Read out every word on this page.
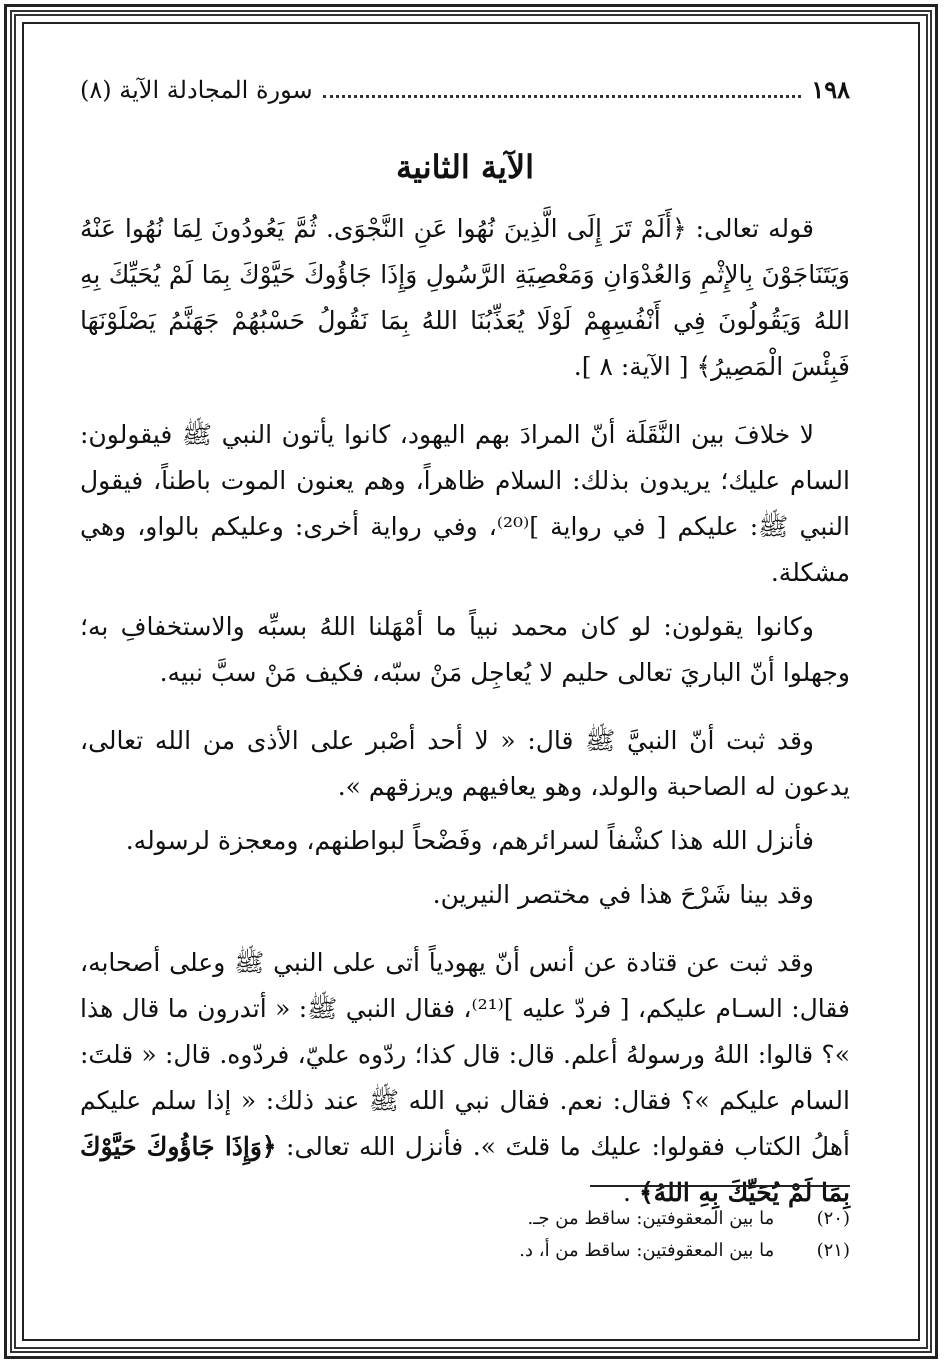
١٩٨
سورة المجادلة الآية (٨)
الآية الثانية

قوله تعالى: ﴿أَلَمْ تَرَ إِلَى الَّذِينَ نُهُوا عَنِ النَّجْوَى. ثُمَّ يَعُودُونَ لِمَا نُهُوا عَنْهُ وَيَتَنَاجَوْنَ بِالإِثْمِ وَالعُدْوَانِ وَمَعْصِيَةِ الرَّسُولِ وَإِذَا جَاؤُوكَ حَيَّوْكَ بِمَا لَمْ يُحَيِّكَ بِهِ اللهُ وَيَقُولُونَ فِي أَنْفُسِهِمْ لَوْلَا يُعَذِّبُنَا اللهُ بِمَا نَقُولُ حَسْبُهُمْ جَهَنَّمُ يَصْلَوْنَهَا فَبِئْسَ الْمَصِيرُ﴾ [ الآية: ٨ ].

لا خلافَ بين النَّقَلَة أنّ المرادَ بهم اليهود، كانوا يأتون النبي ﷺ فيقولون: السام عليك؛ يريدون بذلك: السلام ظاهراً، وهم يعنون الموت باطناً، فيقول النبي ﷺ: عليكم [ في رواية ]⁽²⁰⁾، وفي رواية أخرى: وعليكم بالواو، وهي مشكلة.

وكانوا يقولون: لو كان محمد نبياً ما أمْهَلنا اللهُ بسبِّه والاستخفافِ به؛ وجهلوا أنّ الباريَ تعالى حليم لا يُعاجِل مَنْ سبّه، فكيف مَنْ سبَّ نبيه.

وقد ثبت أنّ النبيَّ ﷺ قال: « لا أحد أصْبر على الأذى من الله تعالى، يدعون له الصاحبة والولد، وهو يعافيهم ويرزقهم ».

فأنزل الله هذا كشْفاً لسرائرهم، وفَضْحاً لبواطنهم، ومعجزة لرسوله.

وقد بينا شَرْحَ هذا في مختصر النيرين.

وقد ثبت عن قتادة عن أنس أنّ يهودياً أتى على النبي ﷺ وعلى أصحابه، فقال: السـام عليكم، [ فردّ عليه ]⁽²¹⁾، فقال النبي ﷺ: « أتدرون ما قال هذا »؟ قالوا: اللهُ ورسولهُ أعلم. قال: قال كذا؛ ردّوه عليّ، فردّوه. قال: « قلتَ: السام عليكم »؟ فقال: نعم. فقال نبي الله ﷺ عند ذلك: « إذا سلم عليكم أهلُ الكتاب فقولوا: عليك ما قلتَ ». فأنزل الله تعالى: ﴿وَإِذَا جَاؤُوكَ حَيَّوْكَ بِمَا لَمْ يُحَيِّكَ بِهِ اللهُ﴾ .

(٢٠) ما بين المعقوفتين: ساقط من جـ.
(٢١) ما بين المعقوفتين: ساقط من أ، د.
